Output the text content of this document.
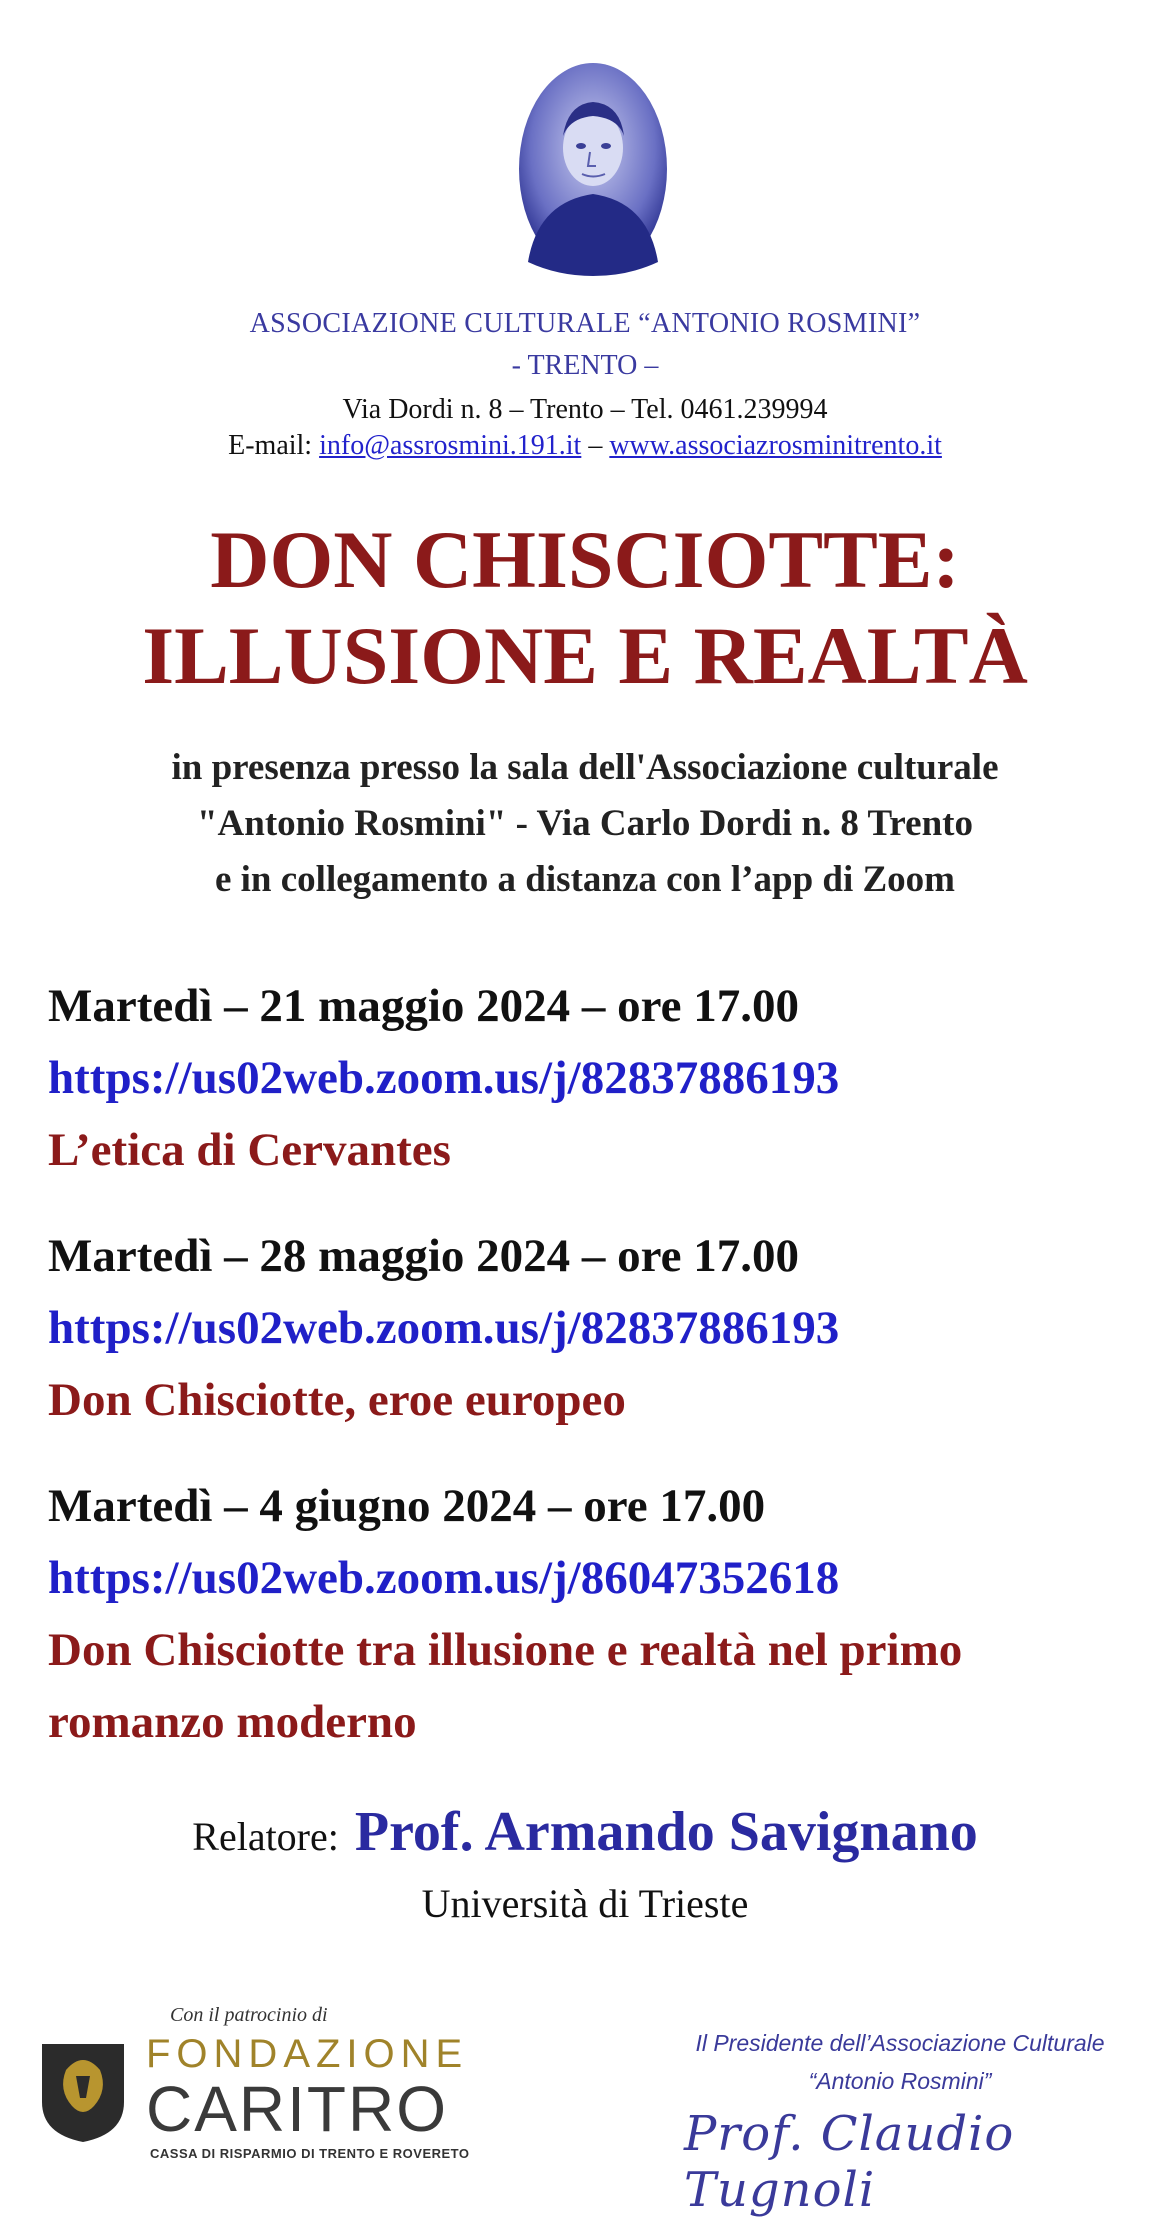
ASSOCIAZIONE CULTURALE “ANTONIO ROSMINI”
- TRENTO –
Via Dordi n. 8 – Trento – Tel. 0461.239994
E-mail: info@assrosmini.191.it – www.associazrosminitrento.it
DON CHISCIOTTE:
ILLUSIONE E REALTÀ
in presenza presso la sala dell'Associazione culturale
"Antonio Rosmini" - Via Carlo Dordi n. 8 Trento
e in collegamento a distanza con l’app di Zoom
Martedì – 21 maggio 2024 – ore 17.00
https://us02web.zoom.us/j/82837886193
L’etica di Cervantes
Martedì – 28 maggio 2024 – ore 17.00
https://us02web.zoom.us/j/82837886193
Don Chisciotte, eroe europeo
Martedì – 4 giugno 2024 – ore 17.00
https://us02web.zoom.us/j/86047352618
Don Chisciotte tra illusione e realtà nel primo
romanzo moderno
Relatore: Prof. Armando Savignano
Università di Trieste
Con il patrocinio di
FONDAZIONE
CARITRO
CASSA DI RISPARMIO DI TRENTO E ROVERETO
Il Presidente dell’Associazione Culturale
“Antonio Rosmini”
Prof. Claudio Tugnoli
